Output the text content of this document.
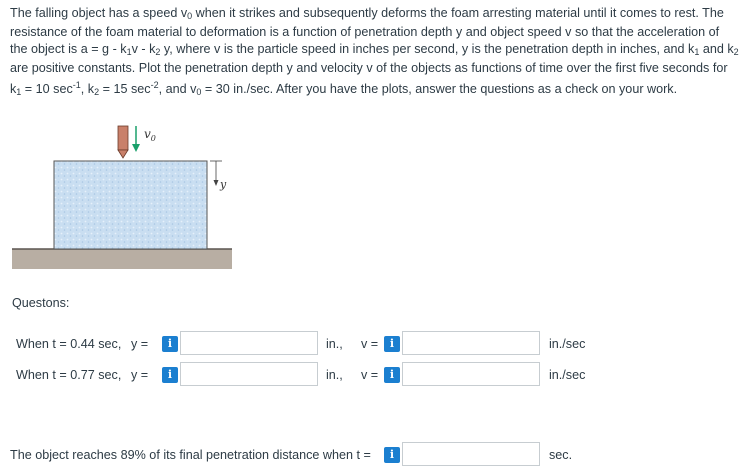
The falling object has a speed $v_0$ when it strikes and subsequently deforms the foam arresting material until it comes to rest. The resistance of the foam material to deformation is a function of penetration depth y and object speed v so that the acceleration of the object is $a = g - k_1v - k_2$ y, where v is the particle speed in inches per second, y is the penetration depth in inches, and $k_1$ and $k_2$ are positive constants. Plot the penetration depth y and velocity v of the objects as functions of time over the first five seconds for $k_1 = 10$ $\sec^{-1}$, $k_2 = 15$ $\sec^{-2}$, and $v_0 = 30$ in./sec. After you have the plots, answer the questions as a check on your work.
$v_0$
y
Questons:
When t = 0.44 sec, y =	i	in., v =	i	in./sec
When t = 0.77 sec, y =	i	in., v =	i	in./sec
The object reaches 89% of its final penetration distance when t =	i	sec.
